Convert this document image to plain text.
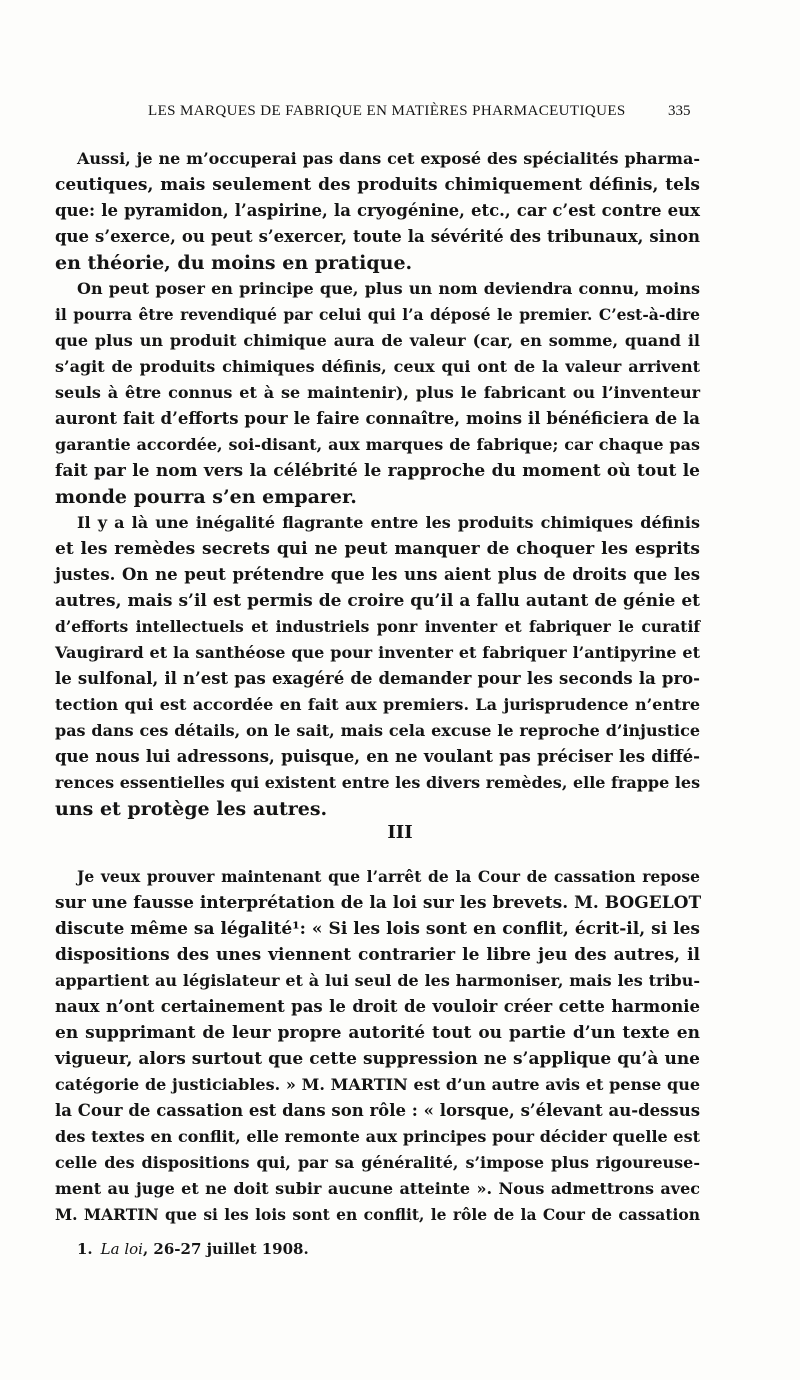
LES MARQUES DE FABRIQUE EN MATIÈRES PHARMACEUTIQUES	335
Aussi, je ne m’occuperai pas dans cet exposé des spécialités pharma-
ceutiques, mais seulement des produits chimiquement définis, tels
que: le pyramidon, l’aspirine, la cryogénine, etc., car c’est contre eux
que s’exerce, ou peut s’exercer, toute la sévérité des tribunaux, sinon
en théorie, du moins en pratique.
On peut poser en principe que, plus un nom deviendra connu, moins
il pourra être revendiqué par celui qui l’a déposé le premier. C’est-à-dire
que plus un produit chimique aura de valeur (car, en somme, quand il
s’agit de produits chimiques définis, ceux qui ont de la valeur arrivent
seuls à être connus et à se maintenir), plus le fabricant ou l’inventeur
auront fait d’efforts pour le faire connaître, moins il bénéficiera de la
garantie accordée, soi-disant, aux marques de fabrique; car chaque pas
fait par le nom vers la célébrité le rapproche du moment où tout le
monde pourra s’en emparer.
Il y a là une inégalité flagrante entre les produits chimiques définis
et les remèdes secrets qui ne peut manquer de choquer les esprits
justes. On ne peut prétendre que les uns aient plus de droits que les
autres, mais s’il est permis de croire qu’il a fallu autant de génie et
d’efforts intellectuels et industriels ponr inventer et fabriquer le curatif
Vaugirard et la santhéose que pour inventer et fabriquer l’antipyrine et
le sulfonal, il n’est pas exagéré de demander pour les seconds la pro-
tection qui est accordée en fait aux premiers. La jurisprudence n’entre
pas dans ces détails, on le sait, mais cela excuse le reproche d’injustice
que nous lui adressons, puisque, en ne voulant pas préciser les diffé-
rences essentielles qui existent entre les divers remèdes, elle frappe les
uns et protège les autres.
III
Je veux prouver maintenant que l’arrêt de la Cour de cassation repose
sur une fausse interprétation de la loi sur les brevets. M. BOGELOT
discute même sa légalité¹: « Si les lois sont en conflit, écrit-il, si les
dispositions des unes viennent contrarier le libre jeu des autres, il
appartient au législateur et à lui seul de les harmoniser, mais les tribu-
naux n’ont certainement pas le droit de vouloir créer cette harmonie
en supprimant de leur propre autorité tout ou partie d’un texte en
vigueur, alors surtout que cette suppression ne s’applique qu’à une
catégorie de justiciables. » M. MARTIN est d’un autre avis et pense que
la Cour de cassation est dans son rôle : « lorsque, s’élevant au-dessus
des textes en conflit, elle remonte aux principes pour décider quelle est
celle des dispositions qui, par sa généralité, s’impose plus rigoureuse-
ment au juge et ne doit subir aucune atteinte ». Nous admettrons avec
M. MARTIN que si les lois sont en conflit, le rôle de la Cour de cassation
1. La loi, 26-27 juillet 1908.
